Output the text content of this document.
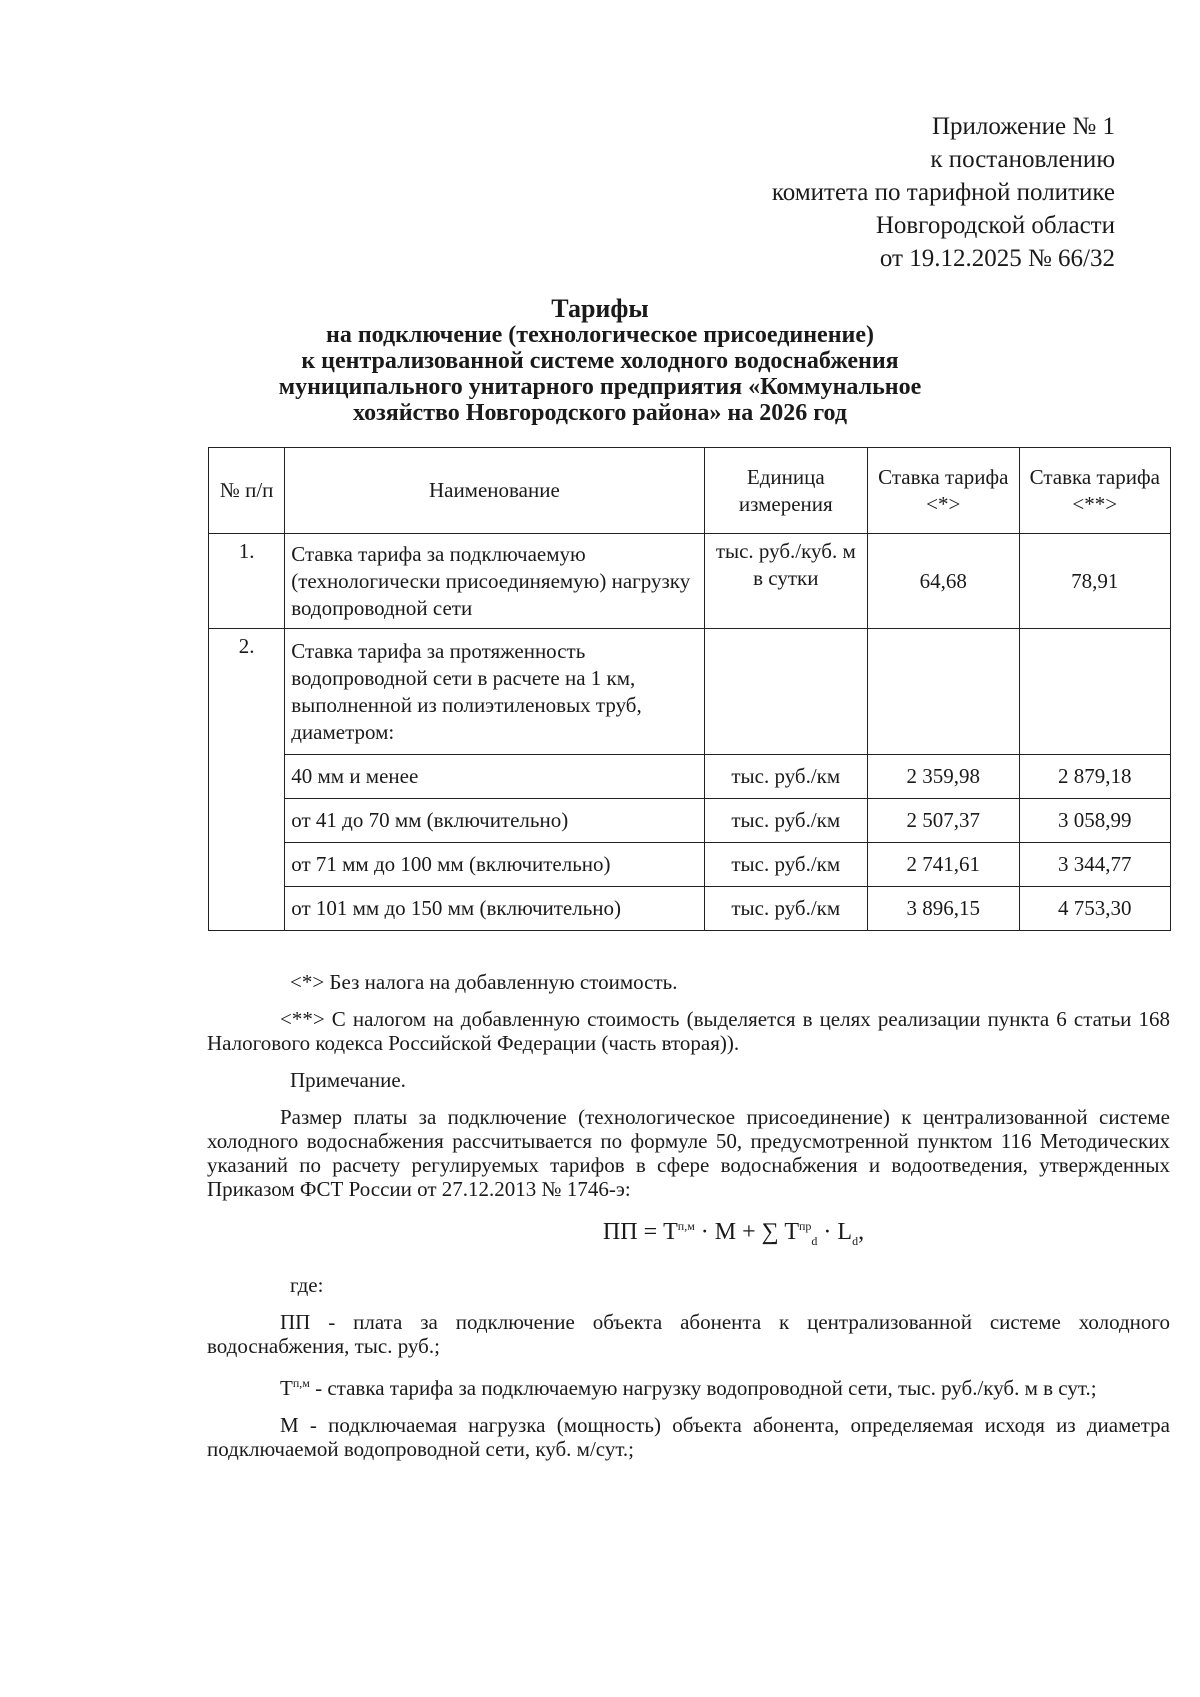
Приложение № 1
к постановлению
комитета по тарифной политике
Новгородской области
от 19.12.2025 № 66/32
Тарифы
на подключение (технологическое присоединение)
к централизованной системе холодного водоснабжения
муниципального унитарного предприятия «Коммунальное
хозяйство Новгородского района» на 2026 год
№ п/п	Наименование	Единица измерения	Ставка тарифа <*>	Ставка тарифа <**>
1.	Ставка тарифа за подключаемую (технологически присоединяемую) нагрузку водопроводной сети	тыс. руб./куб. м в сутки	64,68	78,91
2.	Ставка тарифа за протяженность водопроводной сети в расчете на 1 км, выполненной из полиэтиленовых труб, диаметром:			
	40 мм и менее	тыс. руб./км	2 359,98	2 879,18
	от 41 до 70 мм (включительно)	тыс. руб./км	2 507,37	3 058,99
	от 71 мм до 100 мм (включительно)	тыс. руб./км	2 741,61	3 344,77
	от 101 мм до 150 мм (включительно)	тыс. руб./км	3 896,15	4 753,30

<*> Без налога на добавленную стоимость.

<**> С налогом на добавленную стоимость (выделяется в целях реализации пункта 6 статьи 168 Налогового кодекса Российской Федерации (часть вторая)).

Примечание.

Размер платы за подключение (технологическое присоединение) к централизованной системе холодного водоснабжения рассчитывается по формуле 50, предусмотренной пунктом 116 Методических указаний по расчету регулируемых тарифов в сфере водоснабжения и водоотведения, утвержденных Приказом ФСТ России от 27.12.2013 № 1746-э:

ПП = $Т^{п,м} \cdot M$ + ∑ $T^{пр}_d \cdot L_d$,

где:

ПП - плата за подключение объекта абонента к централизованной системе холодного водоснабжения, тыс. руб.;

$Т^{п,м}$ - ставка тарифа за подключаемую нагрузку водопроводной сети, тыс. руб./куб. м в сут.;

М - подключаемая нагрузка (мощность) объекта абонента, определяемая исходя из диаметра подключаемой водопроводной сети, куб. м/сут.;
